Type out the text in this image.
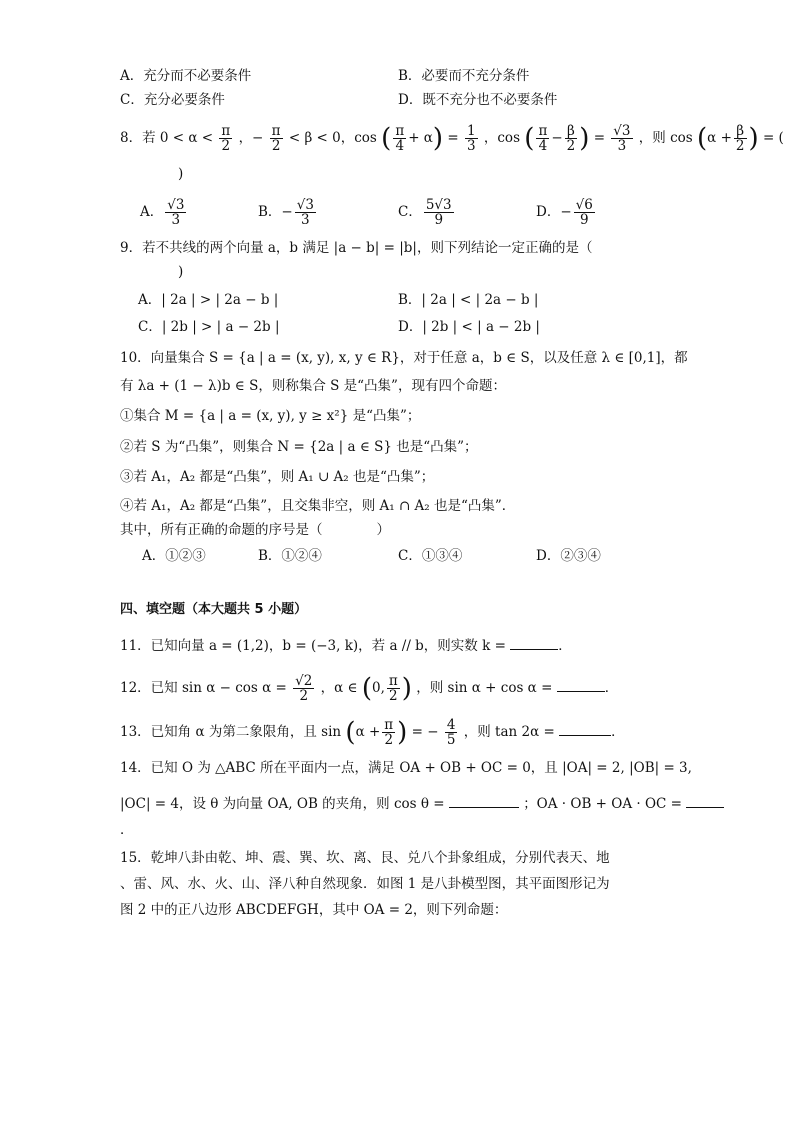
A．充分而不必要条件	B．必要而不充分条件
C．充分必要条件	D．既不充分也不必要条件
8．若 $0 < \alpha < \frac{\pi}{2}$ ，− $\frac{\pi}{2} < \beta < 0$，cos ( $\frac{\pi}{4} + \alpha) = \frac{1}{3}$ ，cos ( $\frac{\pi}{4} - \frac{\beta}{2}$ ) = $\frac{√3}{3}$ ，则 $\cos (\alpha + \frac{\beta}{2}$ ) = (
)
A． $\frac{√3}{3}$	B．− $\frac{√3}{3}$	C． $\frac{5√3}{9}$	D．− $\frac{√6}{9}$
9．若不共线的两个向量 a，b 满足 |a − b| = |b|，则下列结论一定正确的是（
)
A．| 2a | > | 2a − b |	B．| 2a | < | 2a − b |
C．| 2b | > | a − 2b |	D．| 2b | < | a − 2b |
10．向量集合 S = {a | a = (x, y), x, y ∈ R}，对于任意 a，b ∈ S，以及任意 λ ∈ [0,1]，都
有 λa + (1 − λ)b ∈ S，则称集合 S 是“凸集”，现有四个命题：
①集合 M = {a | a = (x, y), y ≥ x²} 是“凸集”；
②若 S 为“凸集”，则集合 N = {2a | a ∈ S} 也是“凸集”；
③若 A₁，A₂ 都是“凸集”，则 A₁ ∪ A₂ 也是“凸集”；
④若 A₁，A₂ 都是“凸集”，且交集非空，则 A₁ ∩ A₂ 也是“凸集”．
其中，所有正确的命题的序号是（　　　　）
A．①②③	B．①②④	C．①③④	D．②③④
四、填空题（本大题共 5 小题）
11．已知向量 a = (1,2)，b = (−3, k)，若 a // b，则实数 k =	．
12．已知 $\sin \alpha - \cos \alpha = \frac{√2}{2}$ ，α ∈ (0, $\frac{\pi}{2}$ ) ，则 sin α + cos α =	．
13．已知角 α 为第二象限角，且 $\sin (\alpha + \frac{\pi}{2}$ ) = − $\frac{4}{5}$ ，则 tan 2α =	．
14．已知 O 为 △ABC 所在平面内一点，满足 OA + OB + OC = 0，且 |OA| = 2, |OB| = 3,
|OC| = 4，设 θ 为向量 OA, OB 的夹角，则 cos θ =	；OA · OB + OA · OC =
．
15．乾坤八卦由乾、坤、震、巽、坎、离、艮、兑八个卦象组成，分别代表天、地
、雷、风、水、火、山、泽八种自然现象．如图 1 是八卦模型图，其平面图形记为
图 2 中的正八边形 ABCDEFGH，其中 OA = 2，则下列命题：
